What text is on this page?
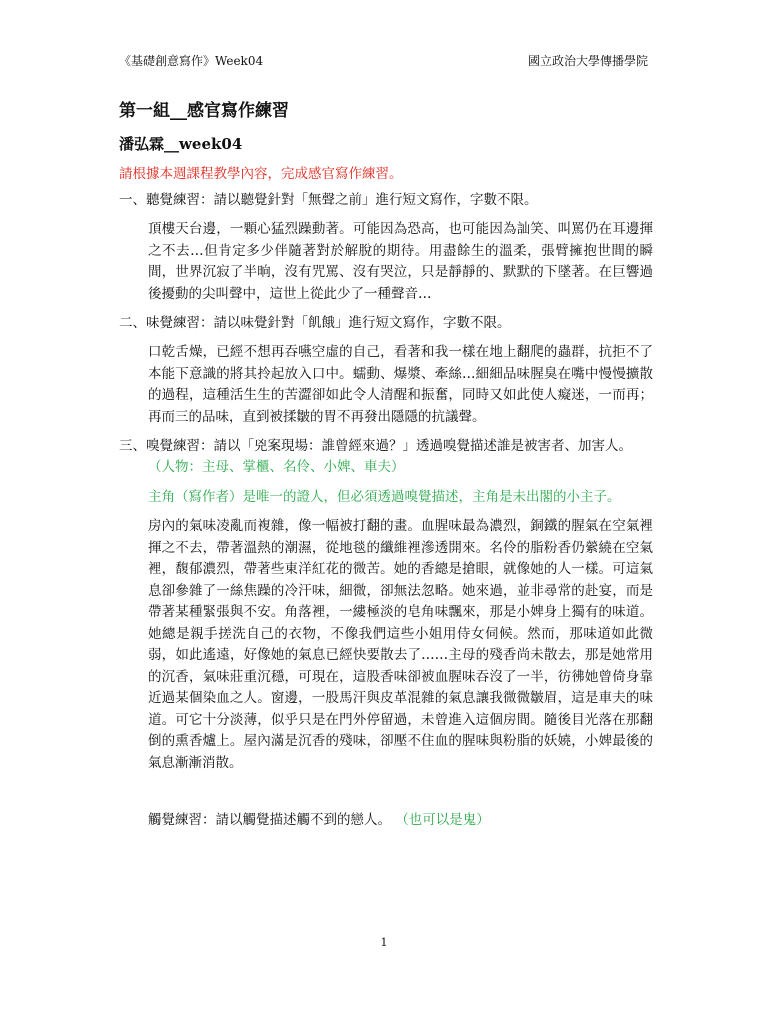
《基礎創意寫作》Week04	國立政治大學傳播學院
第一組__感官寫作練習
潘弘霖__week04
請根據本週課程教學內容，完成感官寫作練習。
一、聽覺練習：請以聽覺針對「無聲之前」進行短文寫作，字數不限。
頂樓天台邊，一顆心猛烈躁動著。可能因為恐高，也可能因為訕笑、叫罵仍在耳邊揮之不去…但肯定多少伴隨著對於解脫的期待。用盡餘生的溫柔，張臂擁抱世間的瞬間，世界沉寂了半晌，沒有咒罵、沒有哭泣，只是靜靜的、默默的下墜著。在巨響過後擾動的尖叫聲中，這世上從此少了一種聲音…
二、味覺練習：請以味覺針對「飢餓」進行短文寫作，字數不限。
口乾舌燥，已經不想再吞嚥空虛的自己，看著和我一樣在地上翻爬的蟲群，抗拒不了本能下意識的將其拎起放入口中。蠕動、爆漿、牽絲…細細品味腥臭在嘴中慢慢擴散的過程，這種活生生的苦澀卻如此令人清醒和振奮，同時又如此使人癡迷，一而再；再而三的品味，直到被揉皺的胃不再發出隱隱的抗議聲。
三、嗅覺練習：請以「兇案現場：誰曾經來過？」透過嗅覺描述誰是被害者、加害人。 （人物：主母、掌櫃、名伶、小婢、車夫）
主角（寫作者）是唯一的證人，但必須透過嗅覺描述，主角是未出閣的小主子。
房內的氣味凌亂而複雜，像一幅被打翻的畫。血腥味最為濃烈，銅鐵的腥氣在空氣裡揮之不去，帶著溫熱的潮濕，從地毯的纖維裡滲透開來。名伶的脂粉香仍縈繞在空氣裡，馥郁濃烈，帶著些東洋紅花的微苦。她的香總是搶眼，就像她的人一樣。可這氣息卻參雜了一絲焦躁的冷汗味，細微，卻無法忽略。她來過，並非尋常的赴宴，而是帶著某種緊張與不安。角落裡，一縷極淡的皂角味飄來，那是小婢身上獨有的味道。她總是親手搓洗自己的衣物，不像我們這些小姐用侍女伺候。然而，那味道如此微弱，如此遙遠，好像她的氣息已經快要散去了……主母的殘香尚未散去，那是她常用的沉香，氣味莊重沉穩，可現在，這股香味卻被血腥味吞沒了一半，彷彿她曾倚身靠近過某個染血之人。窗邊，一股馬汗與皮革混雜的氣息讓我微微皺眉，這是車夫的味道。可它十分淡薄，似乎只是在門外停留過，未曾進入這個房間。隨後目光落在那翻倒的熏香爐上。屋內滿是沉香的殘味，卻壓不住血的腥味與粉脂的妖嬈，小婢最後的氣息漸漸消散。
觸覺練習：請以觸覺描述觸不到的戀人。 （也可以是鬼）
1
